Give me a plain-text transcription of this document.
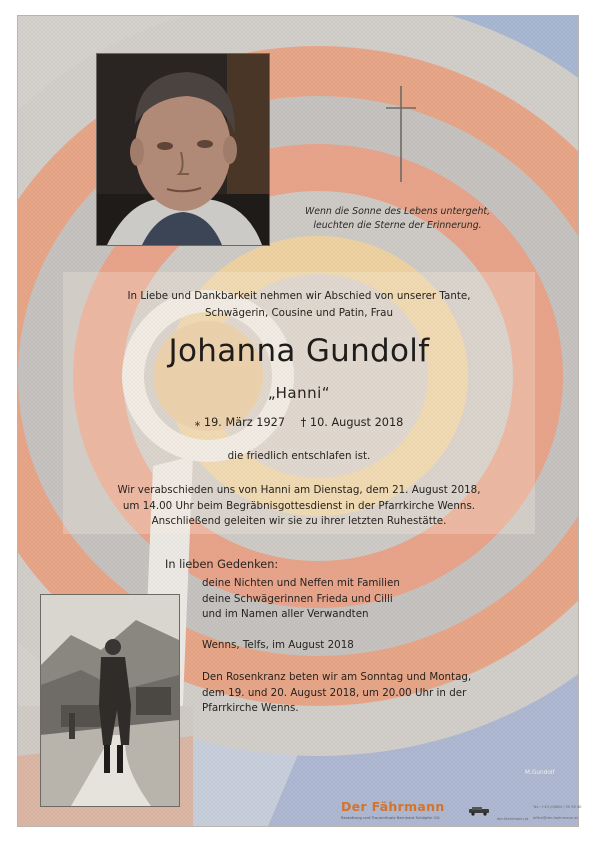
Wenn die Sonne des Lebens untergeht,
leuchten die Sterne der Erinnerung.
In Liebe und Dankbarkeit nehmen wir Abschied von unserer Tante,
Schwägerin, Cousine und Patin, Frau
Johanna Gundolf
„Hanni“
⁎ 19. März 1927 † 10. August 2018
die friedlich entschlafen ist.
Wir verabschieden uns von Hanni am Dienstag, dem 21. August 2018,
um 14.00 Uhr beim Begräbnisgottesdienst in der Pfarrkirche Wenns.
Anschließend geleiten wir sie zu ihrer letzten Ruhestätte.
In lieben Gedenken:
deine Nichten und Neffen mit Familien
deine Schwägerinnen Frieda und Cilli
und im Namen aller Verwandten
Wenns, Telfs, im August 2018
Den Rosenkranz beten wir am Sonntag und Montag,
dem 19. und 20. August 2018, um 20.00 Uhr in der
Pfarrkirche Wenns.
M.Gundolf
Der Fährmann
Bestattung und Trauerrituale Bernhard Schöpfer OG	der-faehrmann.at
Tel.: +43 (0)664 / 55 39 40
office@der-faehrmann.at
